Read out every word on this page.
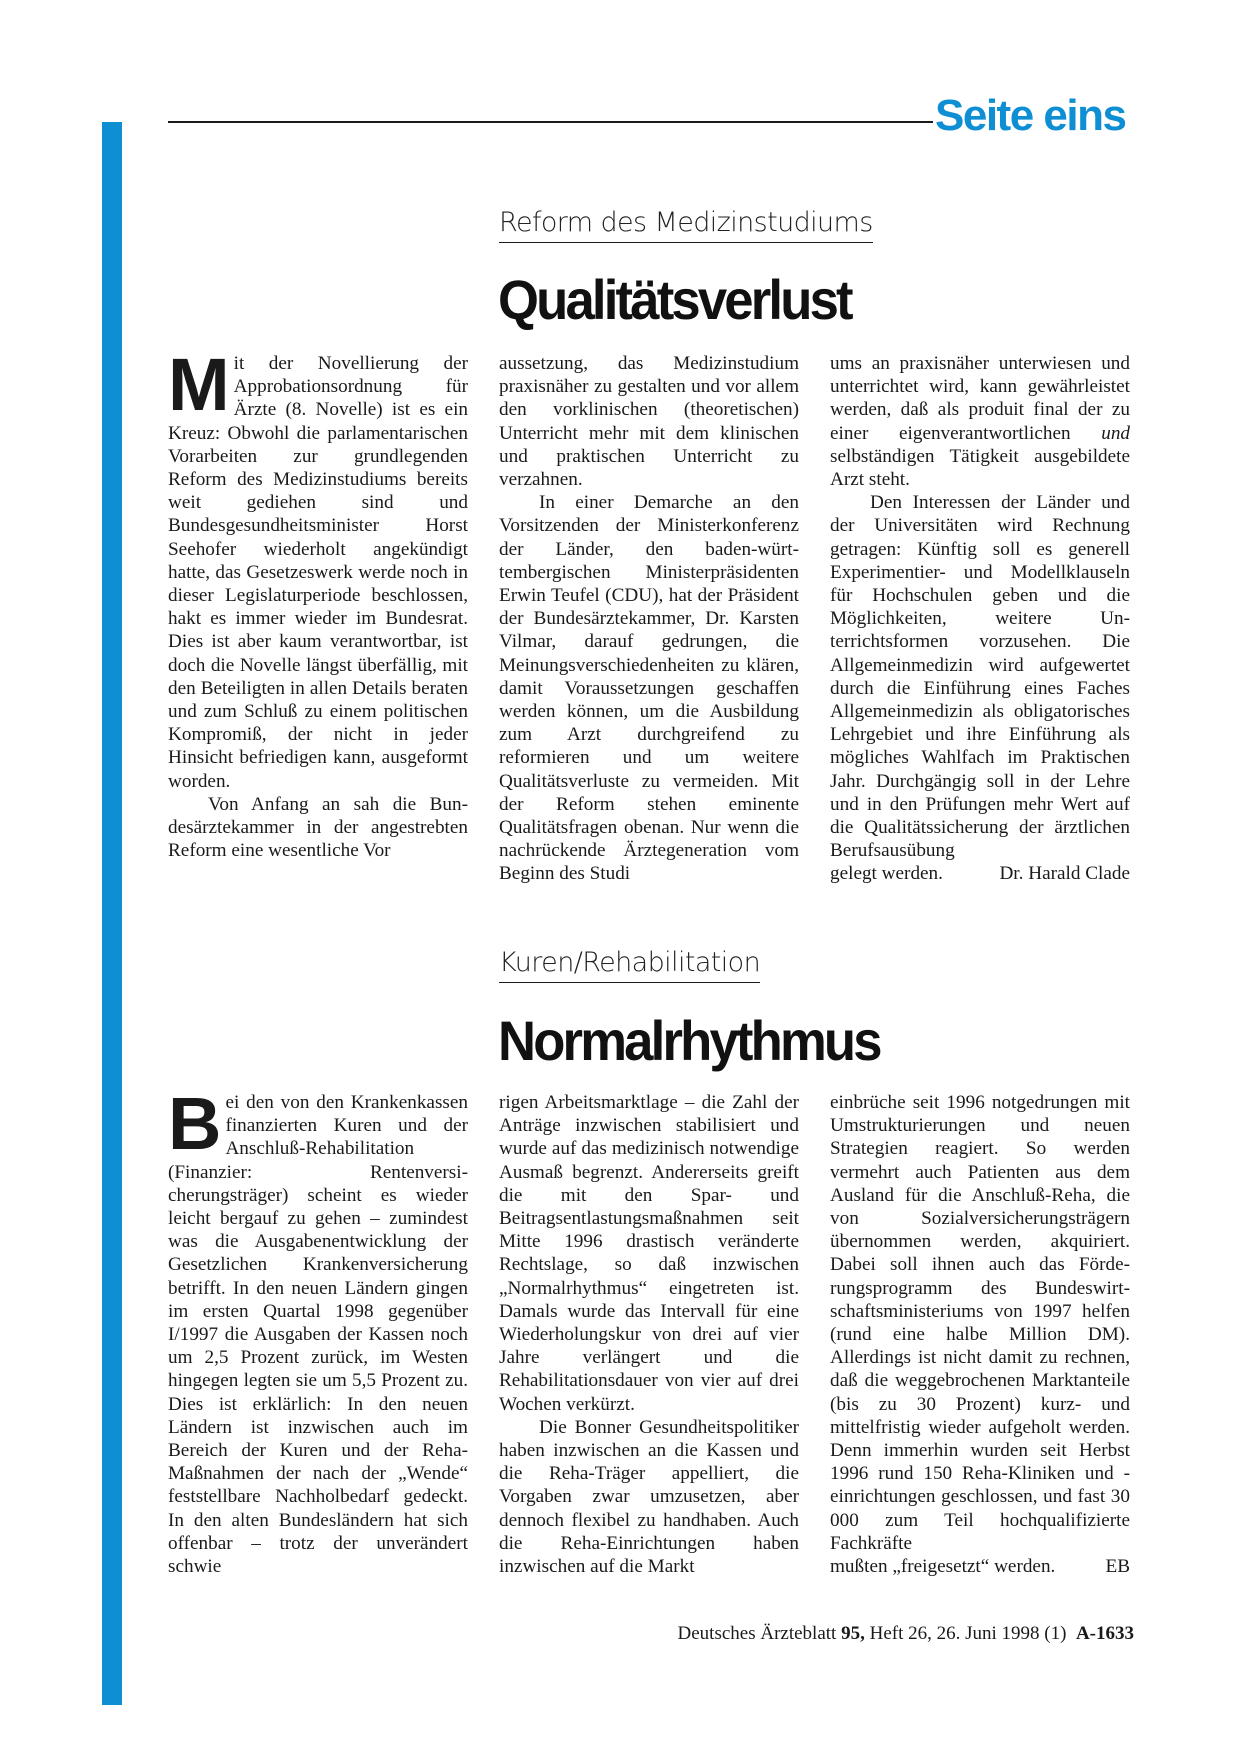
Seite eins
Reform des Medizinstudiums
Qualitätsverlust

Mit der Novellierung der Approbationsordnung für Ärzte (8. Novelle) ist es ein Kreuz: Obwohl die parlamentarischen Vorarbeiten zur grundlegenden Reform des Medizinstudiums bereits weit gediehen sind und Bundesgesundheitsminister Horst Seehofer wiederholt angekündigt hatte, das Gesetzeswerk werde noch in dieser Legislaturperiode beschlossen, hakt es immer wieder im Bundesrat. Dies ist aber kaum verantwortbar, ist doch die Novelle längst überfällig, mit den Beteiligten in allen Details beraten und zum Schluß zu einem politischen Kompromiß, der nicht in jeder Hinsicht befriedigen kann, ausgeformt worden.

Von Anfang an sah die Bundesärztekammer in der angestrebten Reform eine wesentliche Vor

aussetzung, das Medizinstudium praxisnäher zu gestalten und vor allem den vorklinischen (theoretischen) Unterricht mehr mit dem klinischen und praktischen Unterricht zu verzahnen.

In einer Demarche an den Vorsitzenden der Ministerkonferenz der Länder, den baden-württembergischen Ministerpräsidenten Erwin Teufel (CDU), hat der Präsident der Bundesärztekammer, Dr. Karsten Vilmar, darauf gedrungen, die Meinungsverschiedenheiten zu klären, damit Voraussetzungen geschaffen werden können, um die Ausbildung zum Arzt durchgreifend zu reformieren und um weitere Qualitätsverluste zu vermeiden. Mit der Reform stehen eminente Qualitätsfragen obenan. Nur wenn die nachrückende Ärztegeneration vom Beginn des Studi

ums an praxisnäher unterwiesen und unterrichtet wird, kann gewährleistet werden, daß als produit final der zu einer eigenverantwortlichen und selbständigen Tätigkeit ausgebildete Arzt steht.

Den Interessen der Länder und der Universitäten wird Rechnung getragen: Künftig soll es generell Experimentier- und Modellklauseln für Hochschulen geben und die Möglichkeiten, weitere Unterrichtsformen vorzusehen. Die Allgemeinmedizin wird aufgewertet durch die Einführung eines Faches Allgemeinmedizin als obligatorisches Lehrgebiet und ihre Einführung als mögliches Wahlfach im Praktischen Jahr. Durchgängig soll in der Lehre und in den Prüfungen mehr Wert auf die Qualitätssicherung der ärztlichen Berufsausübung

gelegt werden.	Dr. Harald Clade
Kuren/Rehabilitation
Normalrhythmus

Bei den von den Krankenkassen finanzierten Kuren und der Anschluß-Rehabilitation (Finanzier: Rentenversicherungsträger) scheint es wieder leicht bergauf zu gehen – zumindest was die Ausgabenentwicklung der Gesetzlichen Krankenversicherung betrifft. In den neuen Ländern gingen im ersten Quartal 1998 gegenüber I/1997 die Ausgaben der Kassen noch um 2,5 Prozent zurück, im Westen hingegen legten sie um 5,5 Prozent zu. Dies ist erklärlich: In den neuen Ländern ist inzwischen auch im Bereich der Kuren und der Reha-Maßnahmen der nach der „Wende“ feststellbare Nachholbedarf gedeckt. In den alten Bundesländern hat sich offenbar – trotz der unverändert schwie

rigen Arbeitsmarktlage – die Zahl der Anträge inzwischen stabilisiert und wurde auf das medizinisch notwendige Ausmaß begrenzt. Andererseits greift die mit den Spar- und Beitragsentlastungsmaßnahmen seit Mitte 1996 drastisch veränderte Rechtslage, so daß inzwischen „Normalrhythmus“ eingetreten ist. Damals wurde das Intervall für eine Wiederholungskur von drei auf vier Jahre verlängert und die Rehabilitationsdauer von vier auf drei Wochen verkürzt.

Die Bonner Gesundheitspolitiker haben inzwischen an die Kassen und die Reha-Träger appelliert, die Vorgaben zwar umzusetzen, aber dennoch flexibel zu handhaben. Auch die Reha-Einrichtungen haben inzwischen auf die Markt

einbrüche seit 1996 notgedrungen mit Umstrukturierungen und neuen Strategien reagiert. So werden vermehrt auch Patienten aus dem Ausland für die Anschluß-Reha, die von Sozialversicherungsträgern übernommen werden, akquiriert. Dabei soll ihnen auch das Förderungsprogramm des Bundeswirtschaftsministeriums von 1997 helfen (rund eine halbe Million DM). Allerdings ist nicht damit zu rechnen, daß die weggebrochenen Marktanteile (bis zu 30 Prozent) kurz- und mittelfristig wieder aufgeholt werden. Denn immerhin wurden seit Herbst 1996 rund 150 Reha-Kliniken und -einrichtungen geschlossen, und fast 30 000 zum Teil hochqualifizierte Fachkräfte

mußten „freigesetzt“ werden.	EB
Deutsches Ärzteblatt 95, Heft 26, 26. Juni 1998 (1) A-1633
